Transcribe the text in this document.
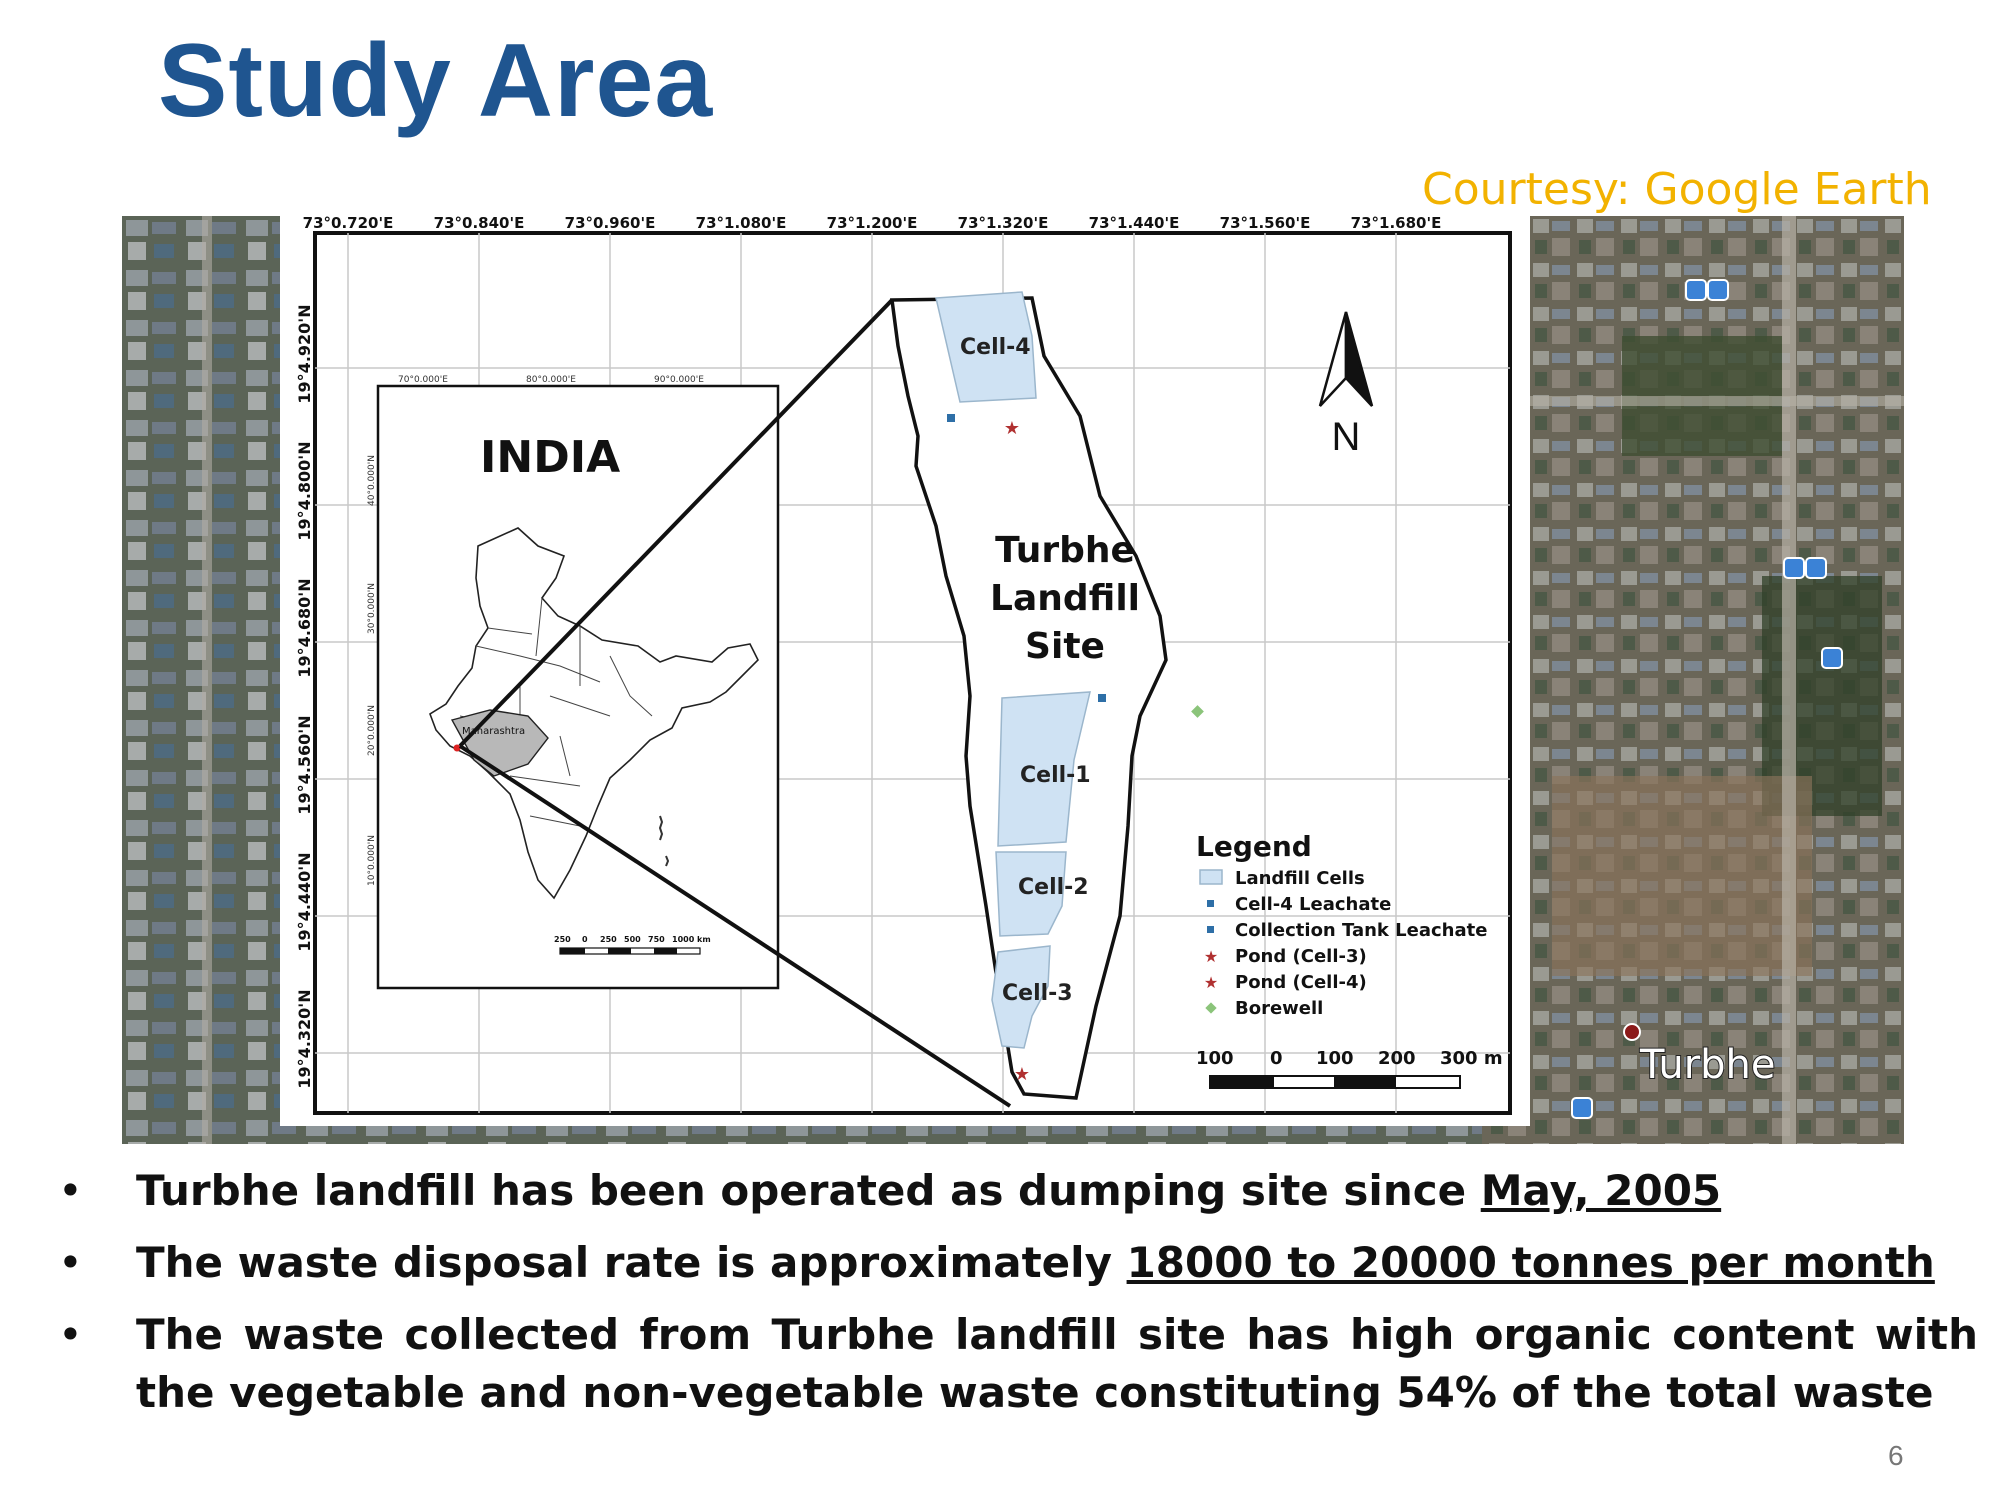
Study Area
Courtesy: Google Earth
Turbhe
73°0.720'E	73°0.840'E	73°0.960'E	73°1.080'E	73°1.200'E	73°1.320'E	73°1.440'E	73°1.560'E	73°1.680'E
19°4.920'N
19°4.800'N
19°4.680'N
19°4.560'N
19°4.440'N
19°4.320'N
70°0.000'E	80°0.000'E	90°0.000'E
40°0.000'N
30°0.000'N
20°0.000'N
10°0.000'N
INDIA
Maharashtra
250 0 250 500 750 1000 km
Cell-4
Cell-1
Cell-2
Cell-3
Turbhe
Landfill
Site
★
★
N
Legend
Landfill Cells
Cell-4 Leachate
Collection Tank Leachate
★ Pond (Cell-3)
★ Pond (Cell-4)
Borewell
100 0 100 200 300 m
• Turbhe landfill has been operated as dumping site since May, 2005
• The waste disposal rate is approximately 18000 to 20000 tonnes per month
• The waste collected from Turbhe landfill site has high organic content with the vegetable and non-vegetable waste constituting 54% of the total waste
6
